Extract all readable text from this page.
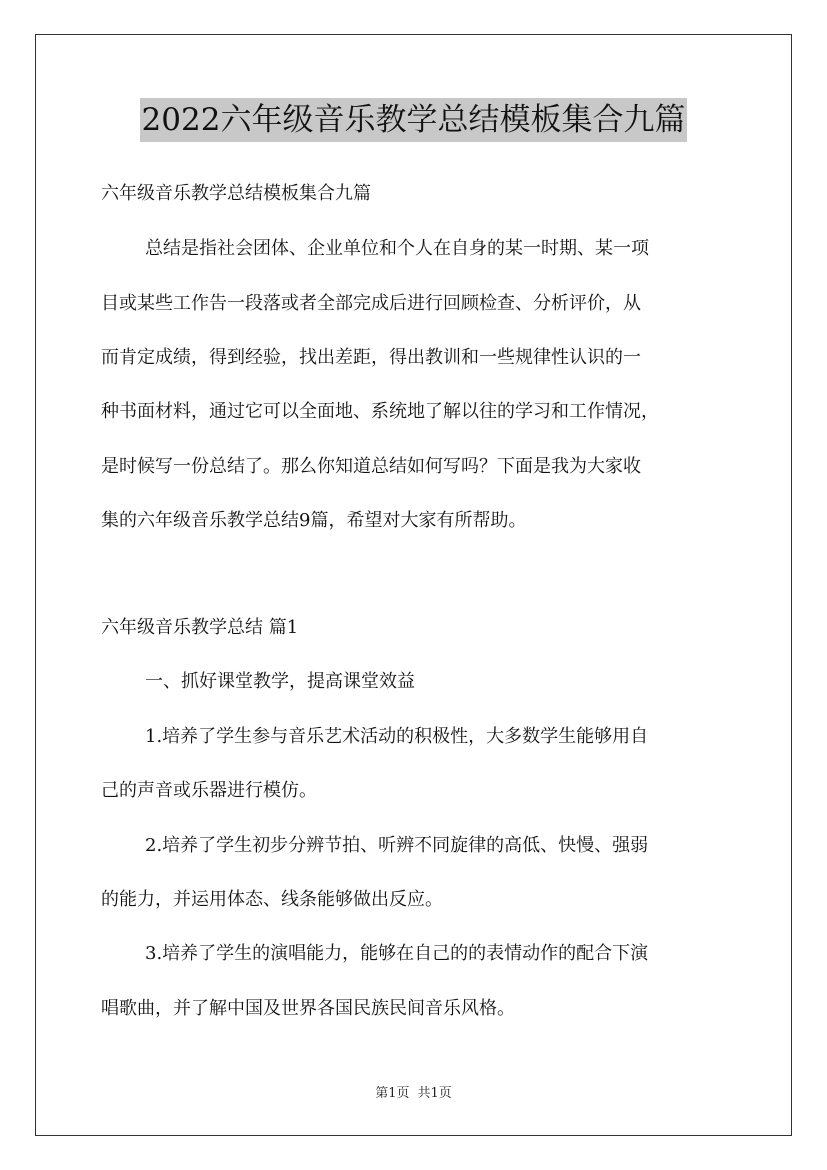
2022六年级音乐教学总结模板集合九篇
六年级音乐教学总结模板集合九篇
总结是指社会团体、企业单位和个人在自身的某一时期、某一项
目或某些工作告一段落或者全部完成后进行回顾检查、分析评价，从
而肯定成绩，得到经验，找出差距，得出教训和一些规律性认识的一
种书面材料，通过它可以全面地、系统地了解以往的学习和工作情况，
是时候写一份总结了。那么你知道总结如何写吗？下面是我为大家收
集的六年级音乐教学总结9篇，希望对大家有所帮助。
六年级音乐教学总结 篇1
一、抓好课堂教学，提高课堂效益
1.培养了学生参与音乐艺术活动的积极性，大多数学生能够用自
己的声音或乐器进行模仿。
2.培养了学生初步分辨节拍、听辨不同旋律的高低、快慢、强弱
的能力，并运用体态、线条能够做出反应。
3.培养了学生的演唱能力，能够在自己的的表情动作的配合下演
唱歌曲，并了解中国及世界各国民族民间音乐风格。
第1页 共1页
